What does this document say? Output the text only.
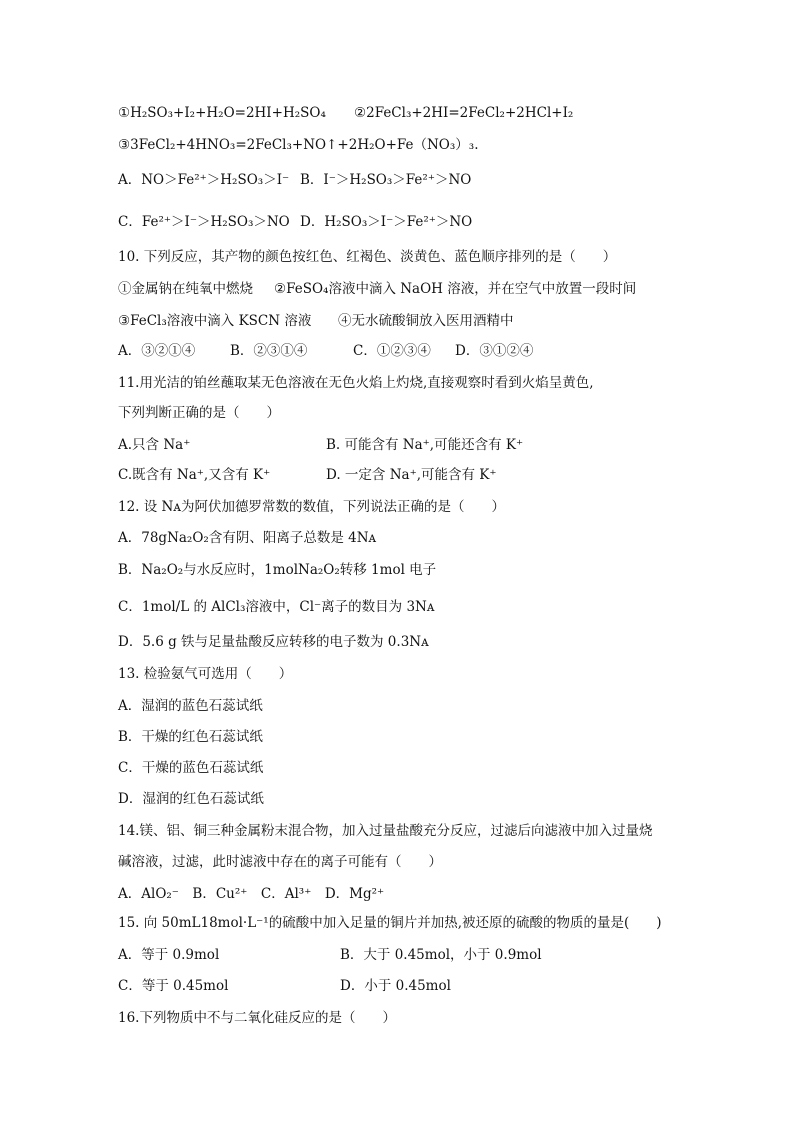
①H₂SO₃+I₂+H₂O=2HI+H₂SO₄ ②2FeCl₃+2HI=2FeCl₂+2HCl+I₂
③3FeCl₂+4HNO₃=2FeCl₃+NO↑+2H₂O+Fe（NO₃）₃.
A．NO＞Fe²⁺＞H₂SO₃＞I⁻ B．I⁻＞H₂SO₃＞Fe²⁺＞NO
C．Fe²⁺＞I⁻＞H₂SO₃＞NO D．H₂SO₃＞I⁻＞Fe²⁺＞NO
10. 下列反应，其产物的颜色按红色、红褐色、淡黄色、蓝色顺序排列的是（　　）
①金属钠在纯氧中燃烧 ②FeSO₄溶液中滴入 NaOH 溶液，并在空气中放置一段时间
③FeCl₃溶液中滴入 KSCN 溶液 ④无水硫酸铜放入医用酒精中
A．③②①④	B．②③①④	C．①②③④ D．③①②④
11.用光洁的铂丝蘸取某无色溶液在无色火焰上灼烧,直接观察时看到火焰呈黄色,
下列判断正确的是（　　）
A.只含 Na⁺	B. 可能含有 Na⁺,可能还含有 K⁺
C.既含有 Na⁺,又含有 K⁺	D. 一定含 Na⁺,可能含有 K⁺
12. 设 Nᴀ为阿伏加德罗常数的数值，下列说法正确的是（　　）
A．78gNa₂O₂含有阴、阳离子总数是 4Nᴀ
B．Na₂O₂与水反应时，1molNa₂O₂转移 1mol 电子
C．1mol/L 的 AlCl₃溶液中，Cl⁻离子的数目为 3Nᴀ
D．5.6 g 铁与足量盐酸反应转移的电子数为 0.3Nᴀ
13. 检验氨气可选用（　　）
A．湿润的蓝色石蕊试纸
B．干燥的红色石蕊试纸
C．干燥的蓝色石蕊试纸
D．湿润的红色石蕊试纸
14.镁、铝、铜三种金属粉末混合物，加入过量盐酸充分反应，过滤后向滤液中加入过量烧
碱溶液，过滤，此时滤液中存在的离子可能有（　　）
A．AlO₂⁻　B．Cu²⁺　C．Al³⁺　D．Mg²⁺
15. 向 50mL18mol·L⁻¹的硫酸中加入足量的铜片并加热,被还原的硫酸的物质的量是(　　)
A．等于 0.9mol	B．大于 0.45mol，小于 0.9mol
C．等于 0.45mol	D．小于 0.45mol
16.下列物质中不与二氧化硅反应的是（　　）
